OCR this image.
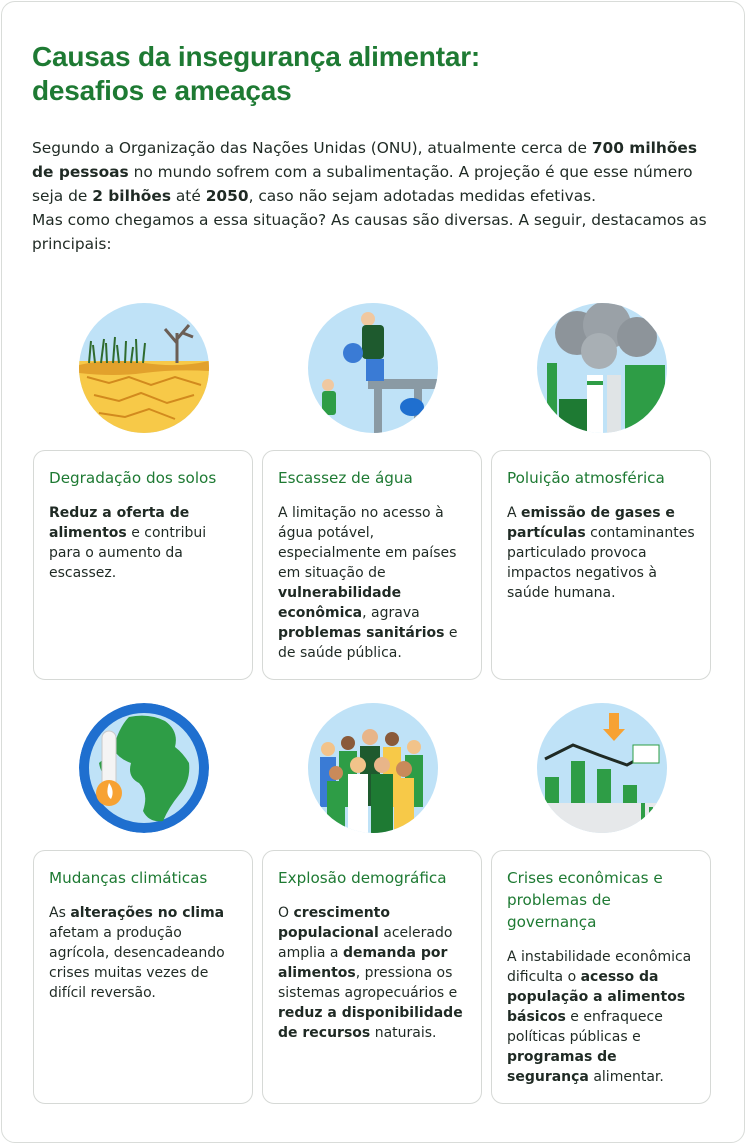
Causas da insegurança alimentar:
desafios e ameaças

Segundo a Organização das Nações Unidas (ONU), atualmente cerca de 700 milhões de pessoas no mundo sofrem com a subalimentação. A projeção é que esse número seja de 2 bilhões até 2050, caso não sejam adotadas medidas efetivas.

Mas como chegamos a essa situação? As causas são diversas. A seguir, destacamos as principais:

Degradação dos solos
Reduz a oferta de alimentos e contribui para o aumento da escassez.
Escassez de água
A limitação no acesso à água potável, especialmente em países em situação de vulnerabilidade econômica, agrava problemas sanitários e de saúde pública.
Poluição atmosférica
A emissão de gases e partículas contaminantes particulado provoca impactos negativos à saúde humana.
Mudanças climáticas
As alterações no clima afetam a produção agrícola, desencadeando crises muitas vezes de difícil reversão.
Explosão demográfica
O crescimento populacional acelerado amplia a demanda por alimentos, pressiona os sistemas agropecuários e reduz a disponibilidade de recursos naturais.
Crises econômicas e problemas de governança
A instabilidade econômica dificulta o acesso da população a alimentos básicos e enfraquece políticas públicas e programas de segurança alimentar.
